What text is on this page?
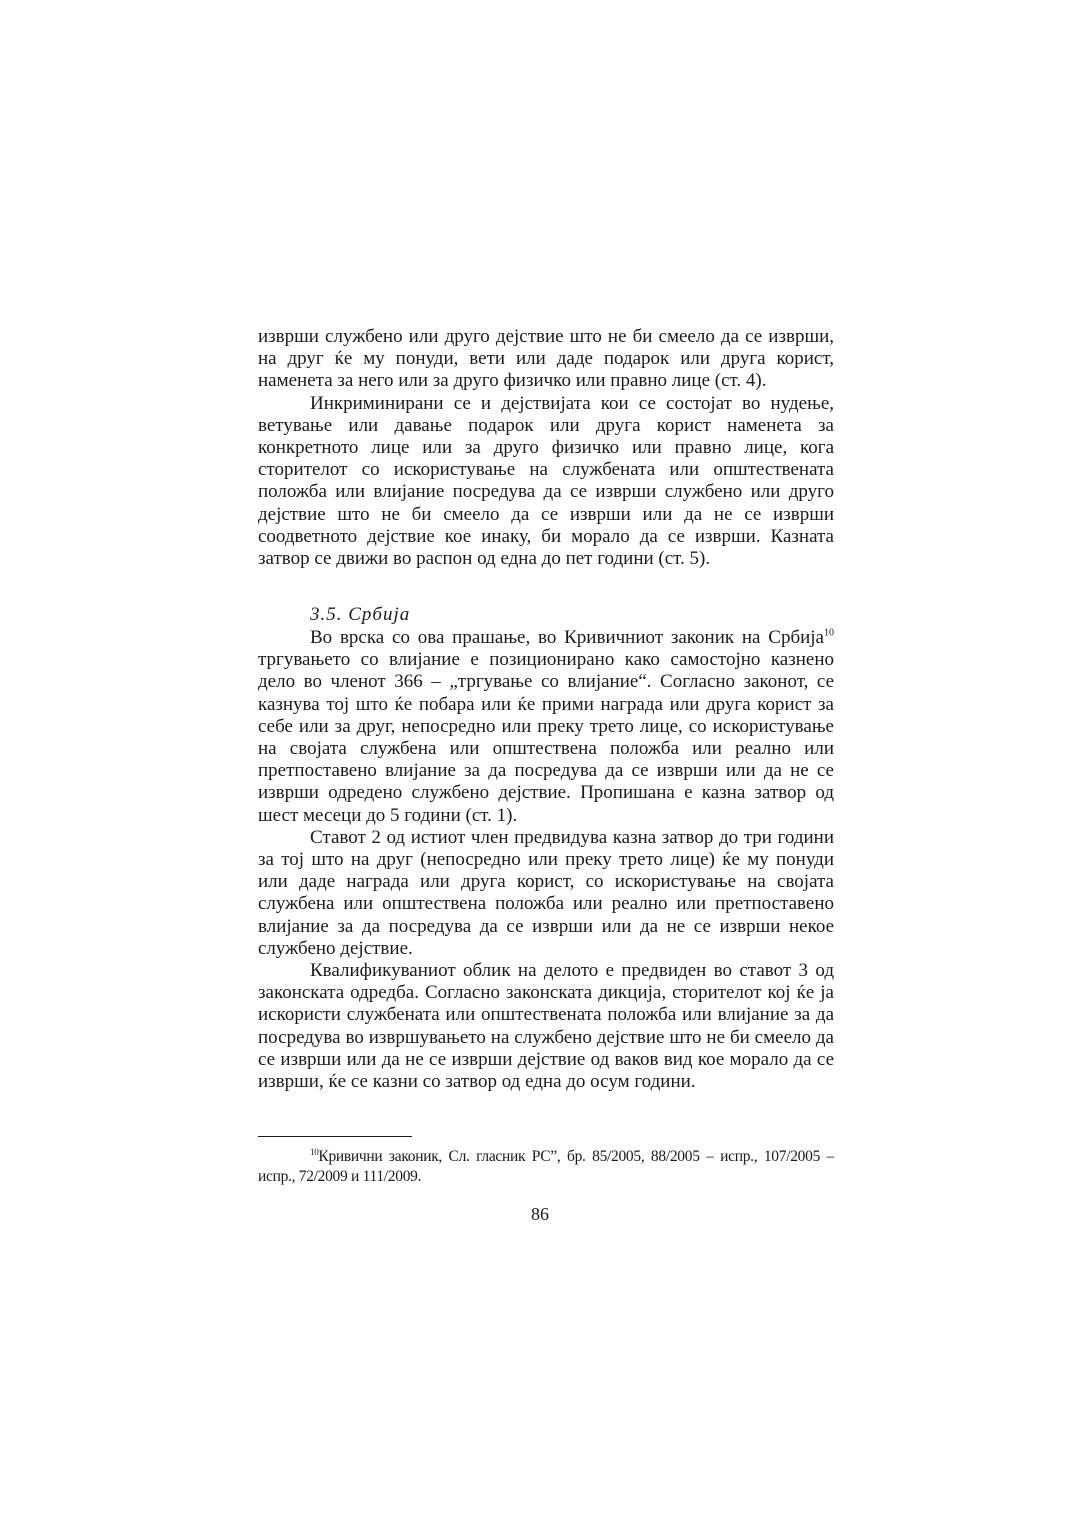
изврши службено или друго дејствие што не би смеело да се изврши, на друг ќе му понуди, вети или даде подарок или друга корист, наменета за него или за друго физичко или правно лице (ст. 4).

Инкриминирани се и дејствијата кои се состојат во нудење, ветување или давање подарок или друга корист наменета за конкретното лице или за друго физичко или правно лице, кога сторителот со искористување на службената или општествената положба или влијание посредува да се изврши службено или друго дејствие што не би смеело да се изврши или да не се изврши соодветното дејствие кое инаку, би морало да се изврши. Казната затвор се движи во распон од една до пет години (ст. 5).

3.5. Србија

Во врска со ова прашање, во Кривичниот законик на Србија$^{10}$ тргувањето со влијание е позиционирано како самостојно казнено дело во членот 366 – „тргување со влијание“. Согласно законот, се казнува тој што ќе побара или ќе прими награда или друга корист за себе или за друг, непосредно или преку трето лице, со искористување на својата службена или општествена положба или реално или претпоставено влијание за да посредува да се изврши или да не се изврши одредено службено дејствие. Пропишана е казна затвор од шест месеци до 5 години (ст. 1).

Ставот 2 од истиот член предвидува казна затвор до три години за тој што на друг (непосредно или преку трето лице) ќе му понуди или даде награда или друга корист, со искористување на својата службена или општествена положба или реално или претпоставено влијание за да посредува да се изврши или да не се изврши некое службено дејствие.

Квалификуваниот облик на делото е предвиден во ставот 3 од законската одредба. Согласно законската дикција, сторителот кој ќе ја искористи службената или општествената положба или влијание за да посредува во извршувањето на службено дејствие што не би смеело да се изврши или да не се изврши дејствие од ваков вид кое морало да се изврши, ќе се казни со затвор од една до осум години.

$^{10}$Кривични законик, Сл. гласник РС”, бр. 85/2005, 88/2005 – испр., 107/2005 – испр., 72/2009 и 111/2009.
86
